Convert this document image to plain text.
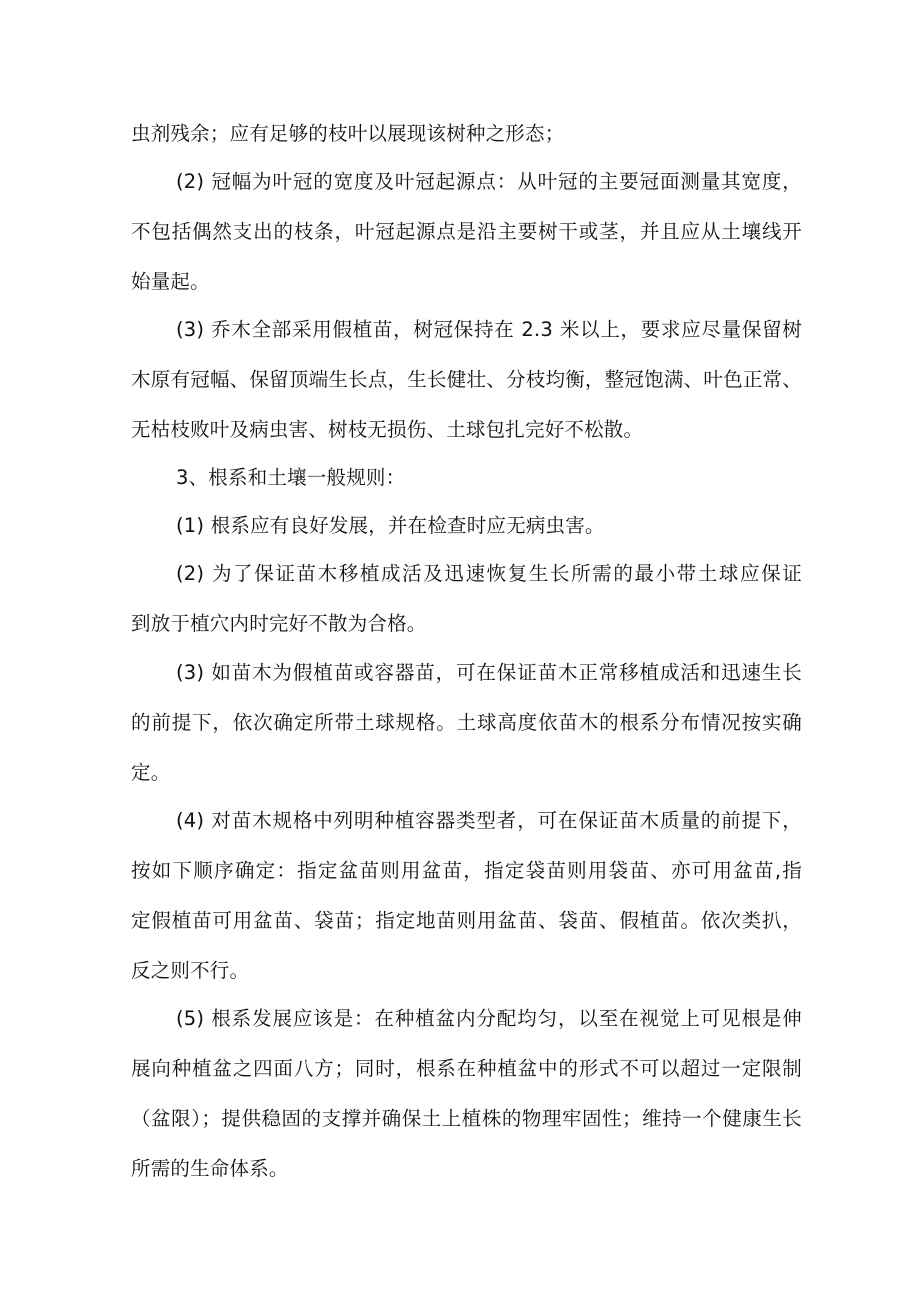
虫剂残余；应有足够的枝叶以展现该树种之形态；
(2) 冠幅为叶冠的宽度及叶冠起源点：从叶冠的主要冠面测量其宽度，
不包括偶然支出的枝条，叶冠起源点是沿主要树干或茎，并且应从土壤线开
始量起。
(3) 乔木全部采用假植苗，树冠保持在 2.3 米以上，要求应尽量保留树
木原有冠幅、保留顶端生长点，生长健壮、分枝均衡，整冠饱满、叶色正常、
无枯枝败叶及病虫害、树枝无损伤、土球包扎完好不松散。
3、根系和土壤一般规则：
(1) 根系应有良好发展，并在检查时应无病虫害。
(2) 为了保证苗木移植成活及迅速恢复生长所需的最小带土球应保证
到放于植穴内时完好不散为合格。
(3) 如苗木为假植苗或容器苗，可在保证苗木正常移植成活和迅速生长
的前提下，依次确定所带土球规格。土球高度依苗木的根系分布情况按实确
定。
(4) 对苗木规格中列明种植容器类型者，可在保证苗木质量的前提下，
按如下顺序确定：指定盆苗则用盆苗，指定袋苗则用袋苗、亦可用盆苗,指
定假植苗可用盆苗、袋苗；指定地苗则用盆苗、袋苗、假植苗。依次类扒，
反之则不行。
(5) 根系发展应该是：在种植盆内分配均匀，以至在视觉上可见根是伸
展向种植盆之四面八方；同时，根系在种植盆中的形式不可以超过一定限制
（盆限）；提供稳固的支撑并确保土上植株的物理牢固性；维持一个健康生长
所需的生命体系。
